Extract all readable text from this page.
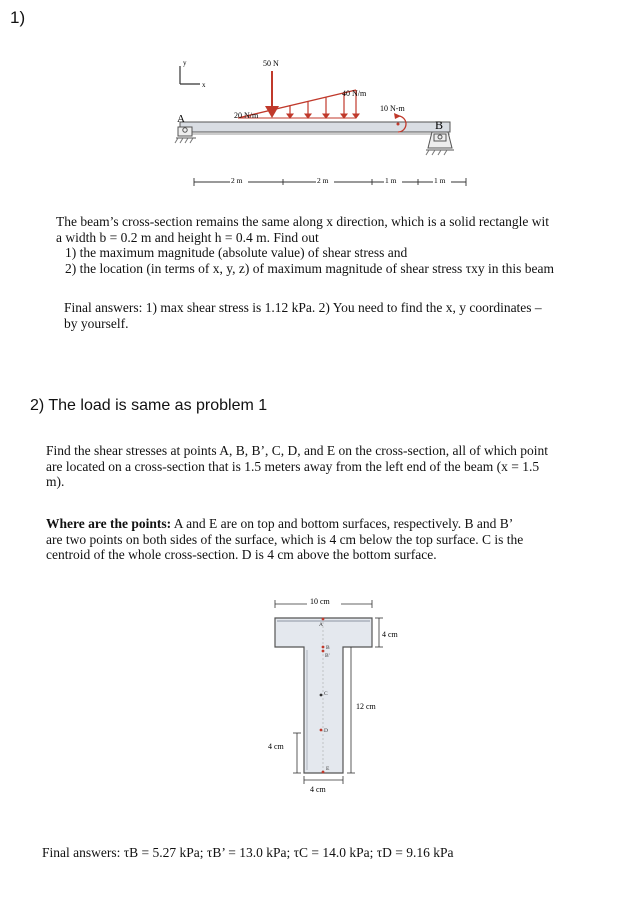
1)
y
x
50 N
20 N/m
40 N/m
A
10 N-m
B
2 m	2 m	1 m	1 m
The beam’s cross-section remains the same along x direction, which is a solid rectangle wit
a width b = 0.2 m and height h = 0.4 m. Find out
1) the maximum magnitude (absolute value) of shear stress and
2) the location (in terms of x, y, z) of maximum magnitude of shear stress τxy in this beam
Final answers: 1) max shear stress is 1.12 kPa. 2) You need to find the x, y coordinates –
by yourself.
2) The load is same as problem 1
Find the shear stresses at points A, B, B’, C, D, and E on the cross-section, all of which point
are located on a cross-section that is 1.5 meters away from the left end of the beam (x = 1.5
m).
Where are the points: A and E are on top and bottom surfaces, respectively. B and B’
are two points on both sides of the surface, which is 4 cm below the top surface. C is the
centroid of the whole cross-section. D is 4 cm above the bottom surface.
10 cm
A
B
B'
C
D
E
4 cm
12 cm
4 cm
4 cm
Final answers: τB = 5.27 kPa; τB’ = 13.0 kPa; τC = 14.0 kPa; τD = 9.16 kPa
